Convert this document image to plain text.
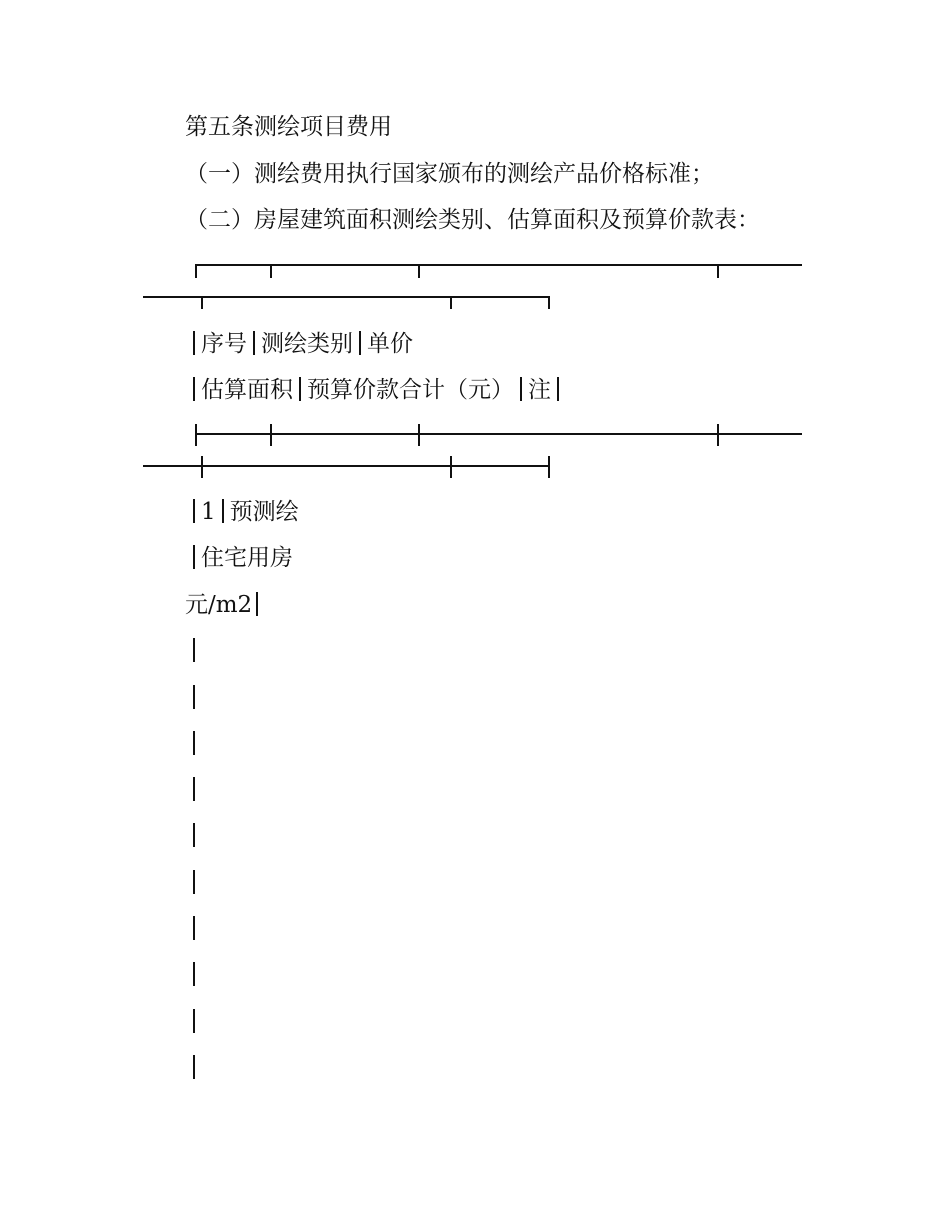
第五条测绘项目费用
（一）测绘费用执行国家颁布的测绘产品价格标准；
（二）房屋建筑面积测绘类别、估算面积及预算价款表：
序号 测绘类别 单价
估算面积 预算价款合计（元） 注
1 预测绘
住宅用房
元/m2
